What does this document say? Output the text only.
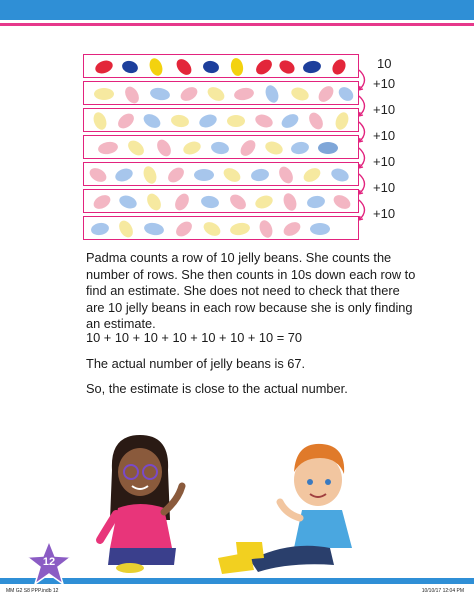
10
+10
+10
+10
+10
+10
+10
Padma counts a row of 10 jelly beans. She counts the number of rows. She then counts in 10s down each row to find an estimate. She does not need to check that there are 10 jelly beans in each row because she is only finding an estimate.
10 + 10 + 10 + 10 + 10 + 10 + 10 = 70
The actual number of jelly beans is 67.
So, the estimate is close to the actual number.
12
MM G2 S8 PPP.indb 12	10/10/17 12:04 PM
